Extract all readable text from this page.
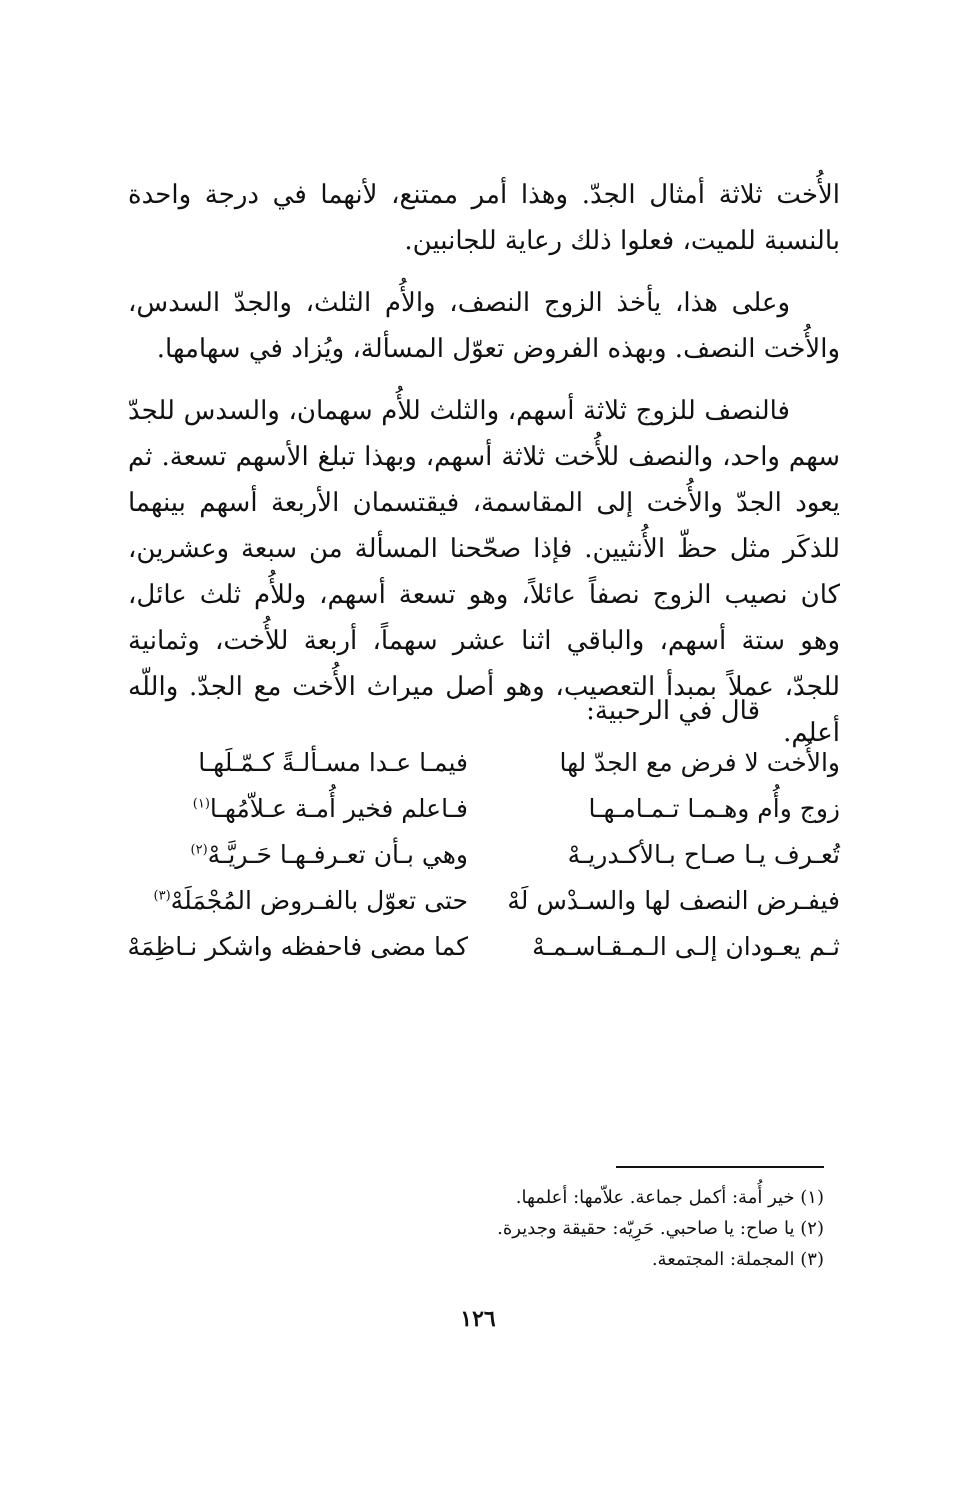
الأُخت ثلاثة أمثال الجدّ. وهذا أمر ممتنع، لأنهما في درجة واحدة بالنسبة للميت، فعلوا ذلك رعاية للجانبين.

وعلى هذا، يأخذ الزوج النصف، والأُم الثلث، والجدّ السدس، والأُخت النصف. وبهذه الفروض تعوّل المسألة، ويُزاد في سهامها.

فالنصف للزوج ثلاثة أسهم، والثلث للأُم سهمان، والسدس للجدّ سهم واحد، والنصف للأُخت ثلاثة أسهم، وبهذا تبلغ الأسهم تسعة. ثم يعود الجدّ والأُخت إلى المقاسمة، فيقتسمان الأربعة أسهم بينهما للذكَر مثل حظّ الأُنثيين. فإذا صحّحنا المسألة من سبعة وعشرين، كان نصيب الزوج نصفاً عائلاً، وهو تسعة أسهم، وللأُم ثلث عائل، وهو ستة أسهم، والباقي اثنا عشر سهماً، أربعة للأُخت، وثمانية للجدّ، عملاً بمبدأ التعصيب، وهو أصل ميراث الأُخت مع الجدّ. واللّه أعلم.

قال في الرحبية:
والأُخت لا فرض مع الجدّ لها
فيمـا عـدا مسـألـةً كـمّـلَهـا
زوج وأُم وهـمـا تـمـامـهـا
فـاعلم فخير أُمـة عـلاّمُهـا$^{(١)}$
تُعـرف يـا صـاح بـالأكـدريـهْ
وهي بـأن تعـرفـهـا حَـريَّـهْ$^{(٢)}$
فيفـرض النصف لها والسـدْس لَهْ
حتى تعوّل بالفـروض المُجْمَلَهْ$^{(٣)}$
ثـم يعـودان إلـى الـمـقـاسـمـهْ
كما مضى فاحفظه واشكر نـاظِمَهْ

(١) خير أُمة: أكمل جماعة. علاّمها: أعلمها.

(٢) يا صاح: يا صاحبي. حَرِيّه: حقيقة وجديرة.

(٣) المجملة: المجتمعة.

١٢٦
